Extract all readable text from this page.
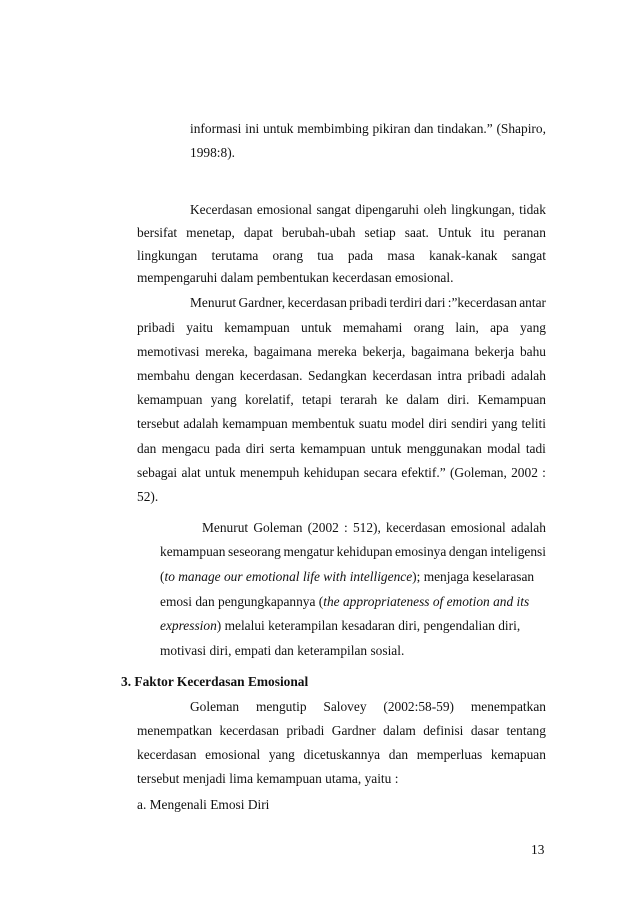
informasi ini untuk membimbing pikiran dan tindakan.” (Shapiro,
1998:8).
Kecerdasan emosional sangat dipengaruhi oleh lingkungan, tidak
bersifat menetap, dapat berubah-ubah setiap saat. Untuk itu peranan
lingkungan terutama orang tua pada masa kanak-kanak sangat
mempengaruhi dalam pembentukan kecerdasan emosional.
Menurut Gardner, kecerdasan pribadi terdiri dari :”kecerdasan antar
pribadi yaitu kemampuan untuk memahami orang lain, apa yang
memotivasi mereka, bagaimana mereka bekerja, bagaimana bekerja bahu
membahu dengan kecerdasan. Sedangkan kecerdasan intra pribadi adalah
kemampuan yang korelatif, tetapi terarah ke dalam diri. Kemampuan
tersebut adalah kemampuan membentuk suatu model diri sendiri yang teliti
dan mengacu pada diri serta kemampuan untuk menggunakan modal tadi
sebagai alat untuk menempuh kehidupan secara efektif.” (Goleman, 2002 :
52).
Menurut Goleman (2002 : 512), kecerdasan emosional adalah
kemampuan seseorang mengatur kehidupan emosinya dengan inteligensi
(to manage our emotional life with intelligence); menjaga keselarasan
emosi dan pengungkapannya (the appropriateness of emotion and its
expression) melalui keterampilan kesadaran diri, pengendalian diri,
motivasi diri, empati dan keterampilan sosial.
3. Faktor Kecerdasan Emosional
Goleman mengutip Salovey (2002:58-59) menempatkan
menempatkan kecerdasan pribadi Gardner dalam definisi dasar tentang
kecerdasan emosional yang dicetuskannya dan memperluas kemapuan
tersebut menjadi lima kemampuan utama, yaitu :
a. Mengenali Emosi Diri
13
